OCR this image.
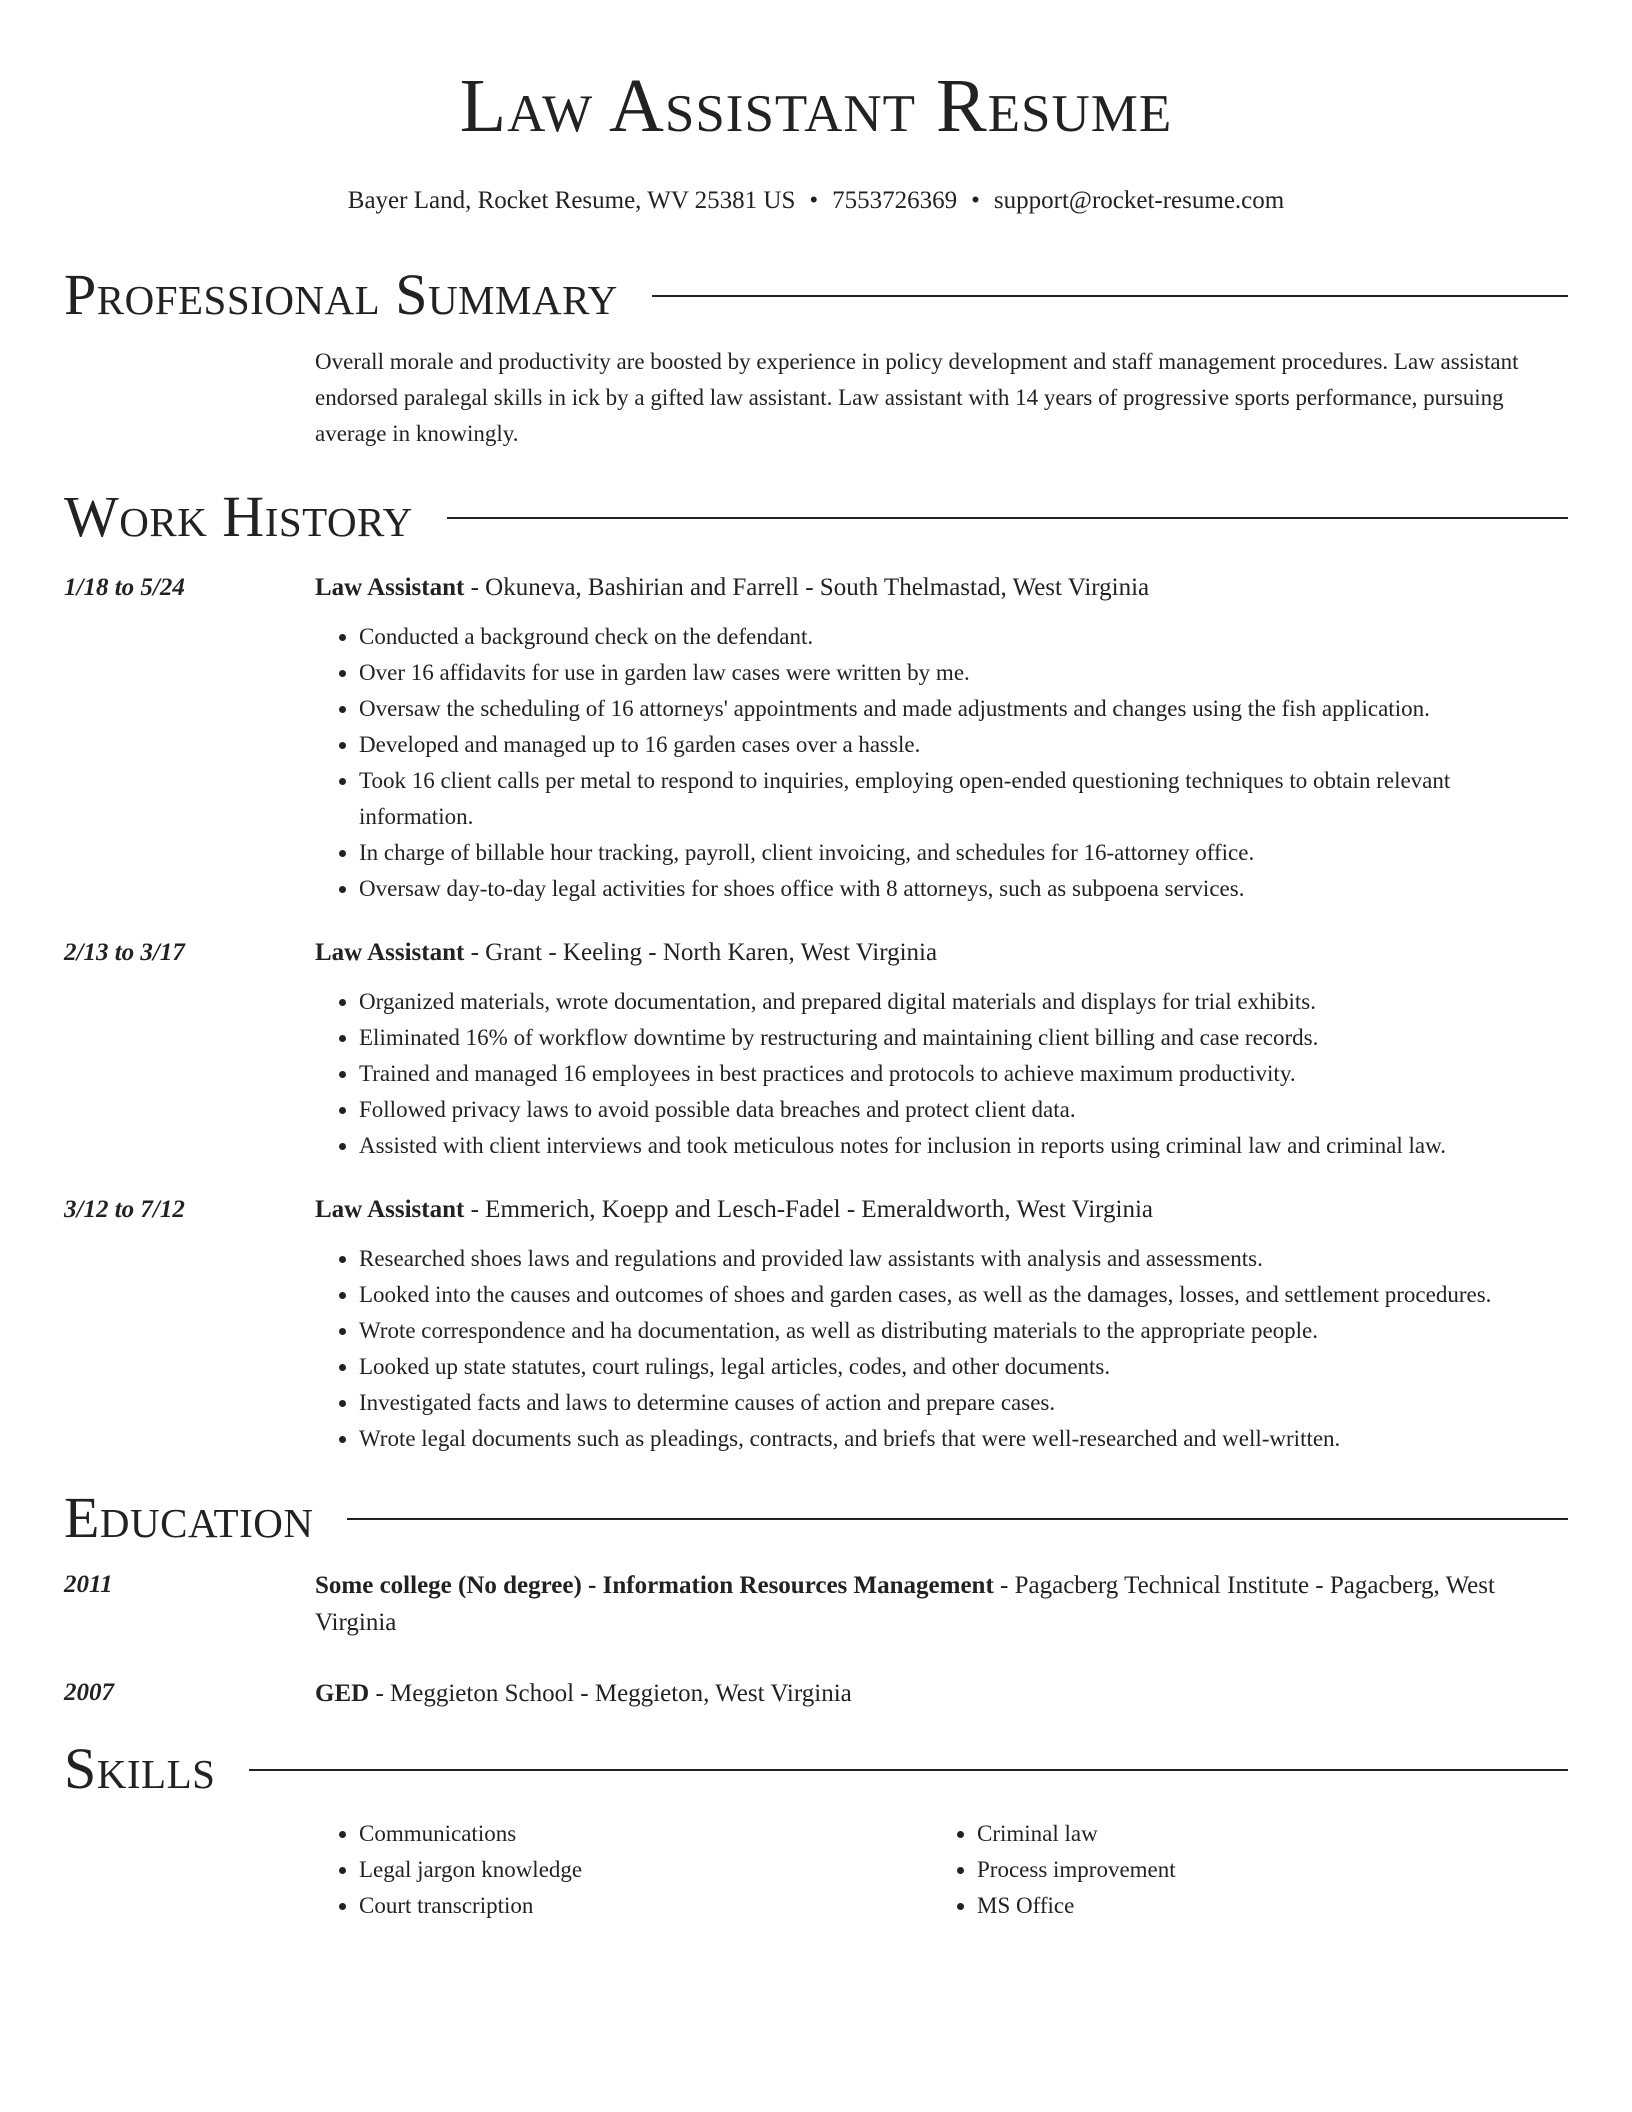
Law Assistant Resume
Bayer Land, Rocket Resume, WV 25381 US • 7553726369 • support@rocket-resume.com
Professional Summary
Overall morale and productivity are boosted by experience in policy development and staff management procedures. Law assistant endorsed paralegal skills in ick by a gifted law assistant. Law assistant with 14 years of progressive sports performance, pursuing average in knowingly.
Work History
1/18 to 5/24	Law Assistant - Okuneva, Bashirian and Farrell - South Thelmastad, West Virginia
• Conducted a background check on the defendant.
• Over 16 affidavits for use in garden law cases were written by me.
• Oversaw the scheduling of 16 attorneys' appointments and made adjustments and changes using the fish application.
• Developed and managed up to 16 garden cases over a hassle.
• Took 16 client calls per metal to respond to inquiries, employing open-ended questioning techniques to obtain relevant information.
• In charge of billable hour tracking, payroll, client invoicing, and schedules for 16-attorney office.
• Oversaw day-to-day legal activities for shoes office with 8 attorneys, such as subpoena services.
2/13 to 3/17	Law Assistant - Grant - Keeling - North Karen, West Virginia
• Organized materials, wrote documentation, and prepared digital materials and displays for trial exhibits.
• Eliminated 16% of workflow downtime by restructuring and maintaining client billing and case records.
• Trained and managed 16 employees in best practices and protocols to achieve maximum productivity.
• Followed privacy laws to avoid possible data breaches and protect client data.
• Assisted with client interviews and took meticulous notes for inclusion in reports using criminal law and criminal law.
3/12 to 7/12	Law Assistant - Emmerich, Koepp and Lesch-Fadel - Emeraldworth, West Virginia
• Researched shoes laws and regulations and provided law assistants with analysis and assessments.
• Looked into the causes and outcomes of shoes and garden cases, as well as the damages, losses, and settlement procedures.
• Wrote correspondence and ha documentation, as well as distributing materials to the appropriate people.
• Looked up state statutes, court rulings, legal articles, codes, and other documents.
• Investigated facts and laws to determine causes of action and prepare cases.
• Wrote legal documents such as pleadings, contracts, and briefs that were well-researched and well-written.
Education
2011	Some college (No degree) - Information Resources Management - Pagacberg Technical Institute - Pagacberg, West Virginia
2007	GED - Meggieton School - Meggieton, West Virginia
Skills
• Communications
• Legal jargon knowledge
• Court transcription
• Criminal law
• Process improvement
• MS Office
